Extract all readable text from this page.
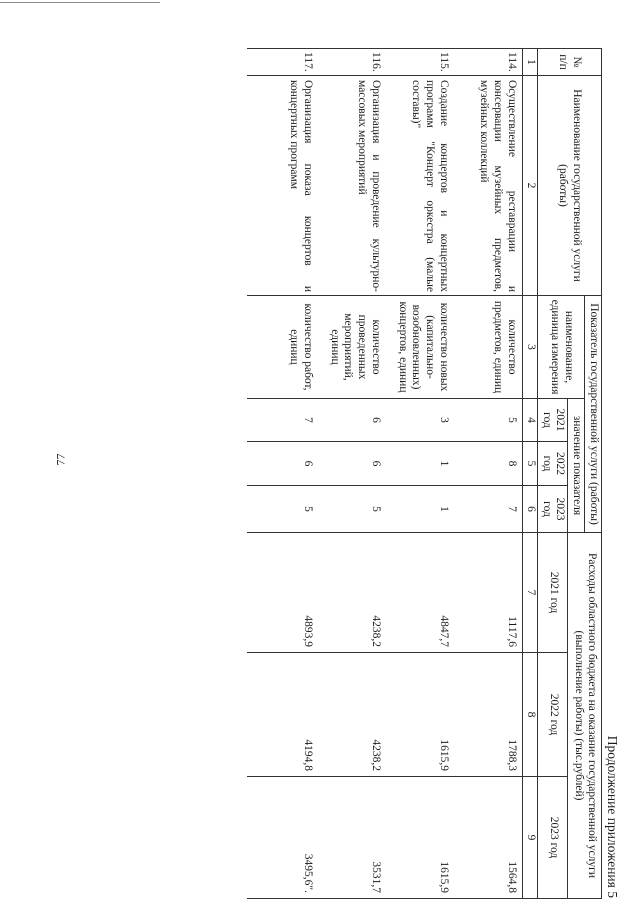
77
Продолжение приложения 5
№ п/п	Наименование государственной услуги (работы)	Показатель государственной услуги (работы)				Расходы областного бюджета на оказание государственной услуги (выполнение работы) (тыс.рублей)		
		наименование, единица измерения	значение показателя					
			2021 год	2022 год	2023 год	2021 год	2022 год	2023 год
1	2	3	4	5	6	7	8	9
114.	Осуществление реставрации и консервации музейных предметов, музейных коллекций	количество предметов, единиц	5	8	7	1117,6	1788,3	1564,8
115.	Создание концертов и концертных программ "Концерт оркестра (малые составы)"	количество новых (капитально-возобновленных) концертов, единиц	3	1	1	4847,7	1615,9	1615,9
116.	Организация и проведение культурно-массовых мероприятий	количество проведенных мероприятий, единиц	6	6	5	4238,2	4238,2	3531,7
117.	Организация показа концертов и концертных программ	количество работ, единиц	7	6	5	4893,9	4194,8	3495,6".
